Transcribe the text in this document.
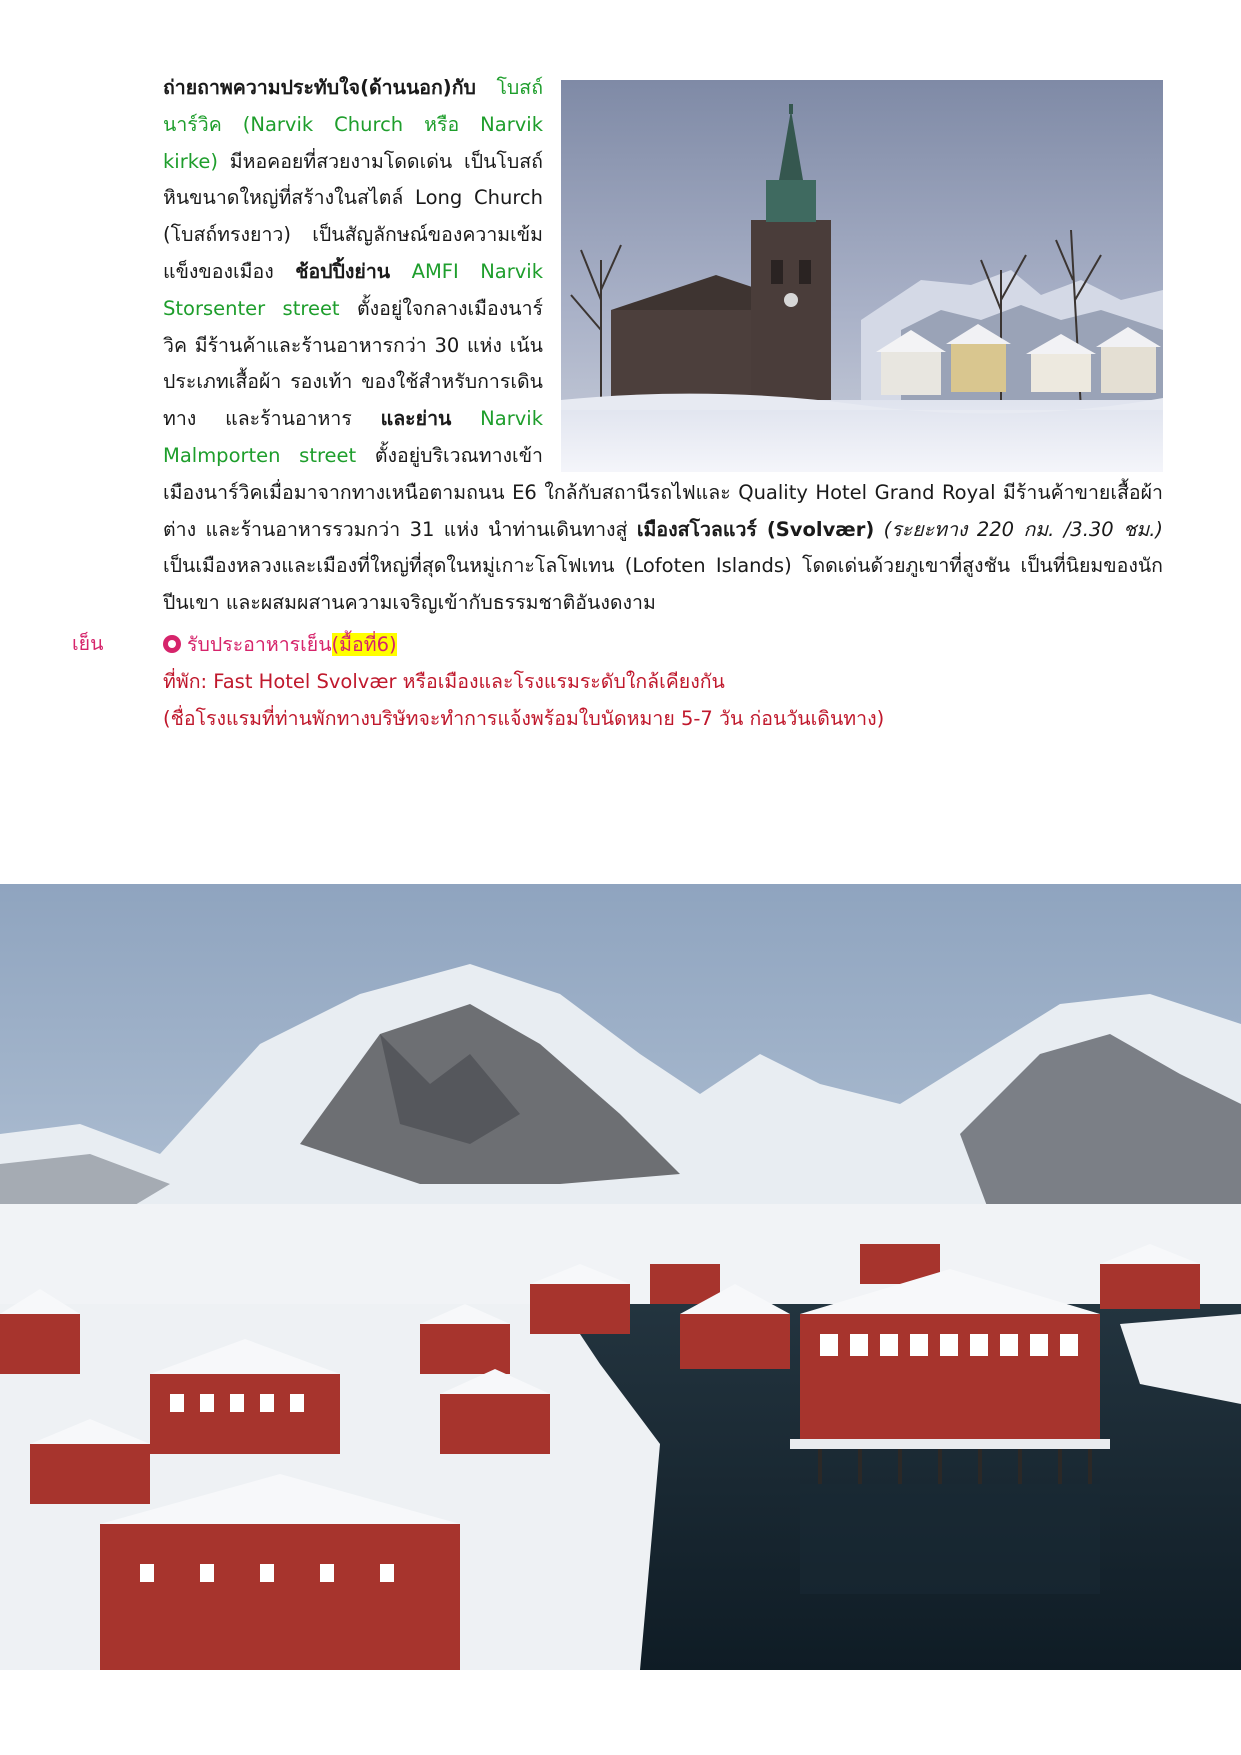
ถ่ายถาพความประทับใจ(ด้านนอก)กับ โบสถ์นาร์วิค (Narvik Church หรือ Narvik kirke) มีหอคอยที่สวยงามโดดเด่น เป็นโบสถ์หินขนาดใหญ่ที่สร้างในสไตล์ Long Church (โบสถ์ทรงยาว) เป็นสัญลักษณ์ของความเข้มแข็งของเมือง ช้อปปิ้งย่าน AMFI Narvik Storsenter street ตั้งอยู่ใจกลางเมืองนาร์วิค มีร้านค้าและร้านอาหารกว่า 30 แห่ง เน้นประเภทเสื้อผ้า รองเท้า ของใช้สำหรับการเดินทาง และร้านอาหาร และย่าน Narvik Malmporten street ตั้งอยู่บริเวณทางเข้าเมืองนาร์วิคเมื่อมาจากทางเหนือตามถนน E6 ใกล้กับสถานีรถไฟและ Quality Hotel Grand Royal มีร้านค้าขายเสื้อผ้าต่าง และร้านอาหารรวมกว่า 31 แห่ง นำท่านเดินทางสู่ เมืองสโวลแวร์ (Svolvær) (ระยะทาง 220 กม. /3.30 ชม.) เป็นเมืองหลวงและเมืองที่ใหญ่ที่สุดในหมู่เกาะโลโฟเทน (Lofoten Islands) โดดเด่นด้วยภูเขาที่สูงชัน เป็นที่นิยมของนักปีนเขา และผสมผสานความเจริญเข้ากับธรรมชาติอันงดงาม

เย็น	รับประอาหารเย็น(มื้อที่6)
ที่พัก: Fast Hotel Svolvær หรือเมืองและโรงแรมระดับใกล้เคียงกัน
(ชื่อโรงแรมที่ท่านพักทางบริษัทจะทำการแจ้งพร้อมใบนัดหมาย 5-7 วัน ก่อนวันเดินทาง)
